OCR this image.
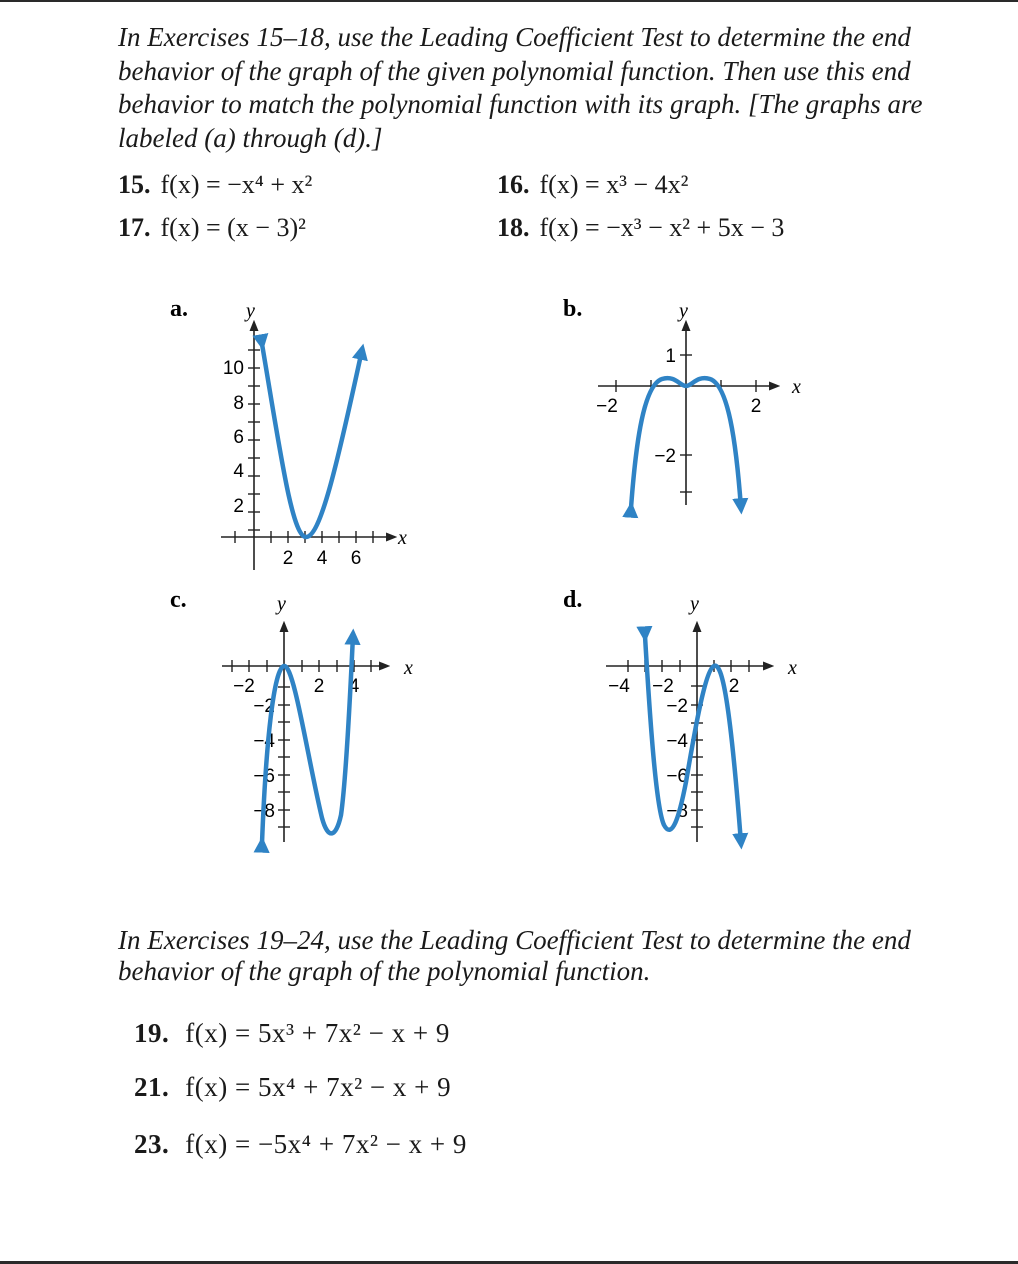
In Exercises 15–18, use the Leading Coefficient Test to determine the end behavior of the graph of the given polynomial function. Then use this end behavior to match the polynomial function with its graph. [The graphs are labeled (a) through (d).]

15. f(x) = −x⁴ + x²	16. f(x) = x³ − 4x²
17. f(x) = (x − 3)²	18. f(x) = −x³ − x² + 5x − 3
a.
x
y
10
8
6
4
2
2 4 6
b.
x
y
1
−2
−2	2
c.
x
y
−2
−4
−6
−8
−2	2 4
d.
x
y
−2
−4
−6
−8
−4 −2	2

In Exercises 19–24, use the Leading Coefficient Test to determine the end behavior of the graph of the polynomial function.

19. f(x) = 5x³ + 7x² − x + 9
21. f(x) = 5x⁴ + 7x² − x + 9
23. f(x) = −5x⁴ + 7x² − x + 9
